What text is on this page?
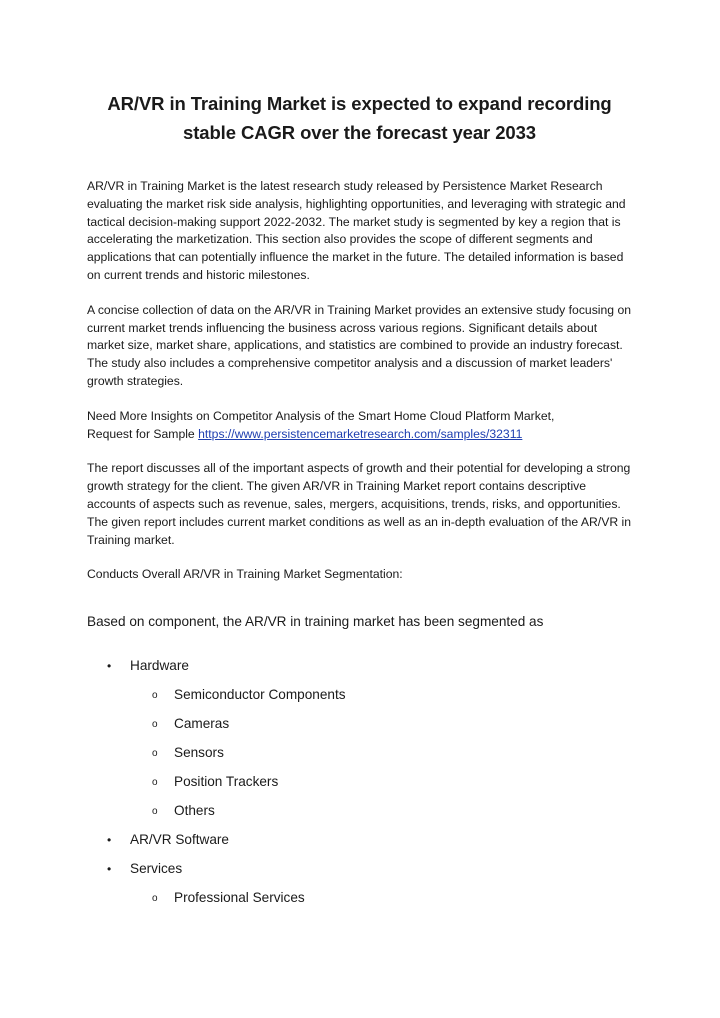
AR/VR in Training Market is expected to expand recording stable CAGR over the forecast year 2033

AR/VR in Training Market is the latest research study released by Persistence Market Research evaluating the market risk side analysis, highlighting opportunities, and leveraging with strategic and tactical decision-making support 2022-2032. The market study is segmented by key a region that is accelerating the marketization. This section also provides the scope of different segments and applications that can potentially influence the market in the future. The detailed information is based on current trends and historic milestones.

A concise collection of data on the AR/VR in Training Market provides an extensive study focusing on current market trends influencing the business across various regions. Significant details about market size, market share, applications, and statistics are combined to provide an industry forecast. The study also includes a comprehensive competitor analysis and a discussion of market leaders' growth strategies.

Need More Insights on Competitor Analysis of the Smart Home Cloud Platform Market,
Request for Sample https://www.persistencemarketresearch.com/samples/32311

The report discusses all of the important aspects of growth and their potential for developing a strong growth strategy for the client. The given AR/VR in Training Market report contains descriptive accounts of aspects such as revenue, sales, mergers, acquisitions, trends, risks, and opportunities. The given report includes current market conditions as well as an in-depth evaluation of the AR/VR in Training market.

Conducts Overall AR/VR in Training Market Segmentation:

Based on component, the AR/VR in training market has been segmented as

• Hardware
o Semiconductor Components
o Cameras
o Sensors
o Position Trackers
o Others
• AR/VR Software
• Services
o Professional Services
